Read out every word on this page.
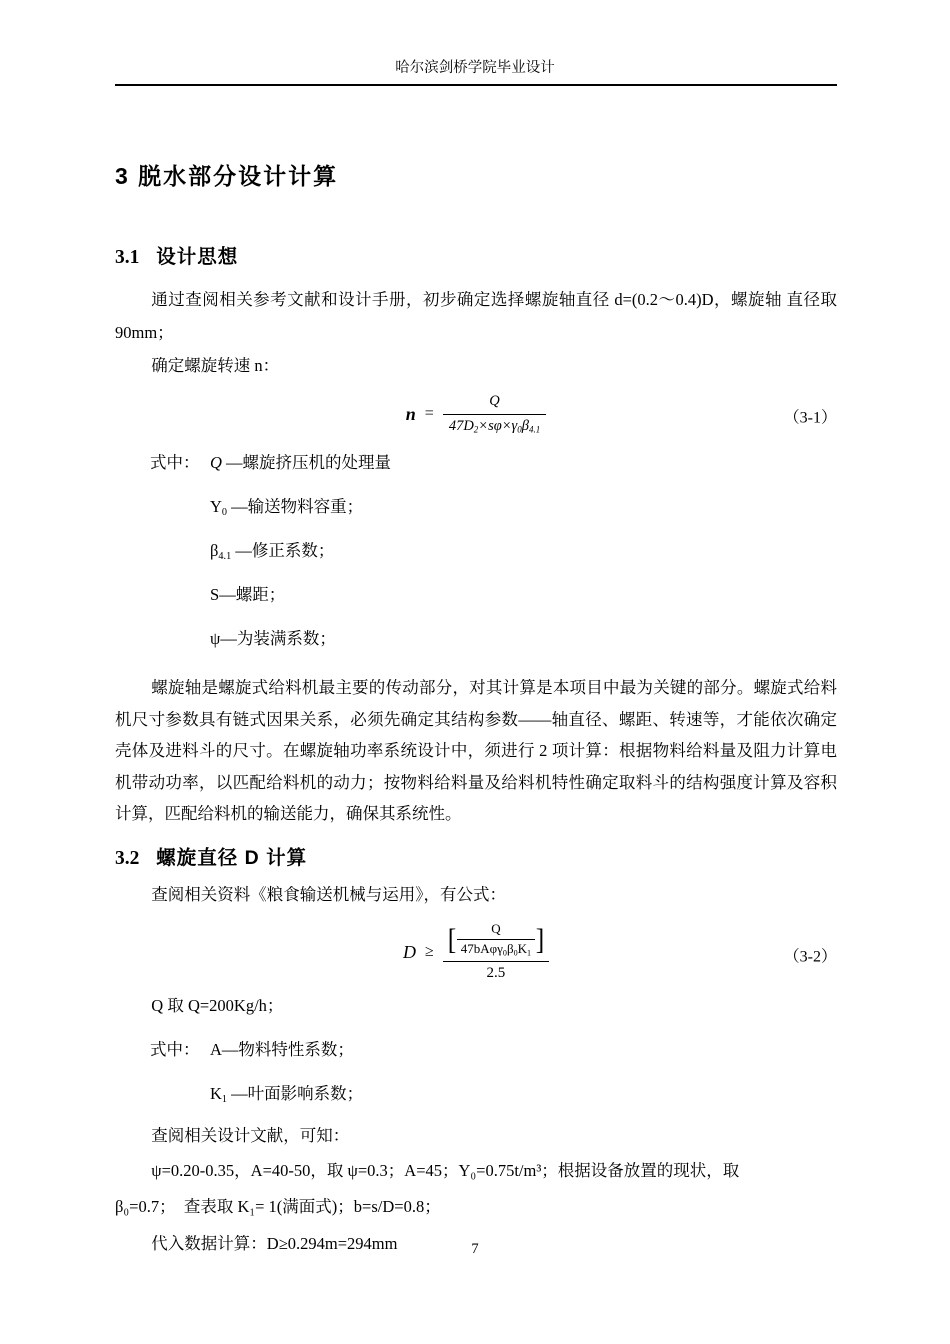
哈尔滨剑桥学院毕业设计
3 脱水部分设计计算
3.1 设计思想

通过查阅相关参考文献和设计手册，初步确定选择螺旋轴直径 d=(0.2～0.4)D，螺旋轴 直径取 90mm；

确定螺旋转速 n：

$n = \frac{Q}{47D_2\times s\varphi\times\gamma_0\beta_{4.1}}$	（3-1）
式中： Q —螺旋挤压机的处理量
$Y_0$ —输送物料容重；
$\beta_{4.1}$ —修正系数；
S—螺距；
ψ—为装满系数；

螺旋轴是螺旋式给料机最主要的传动部分，对其计算是本项目中最为关键的部分。螺旋式给料机尺寸参数具有链式因果关系，必须先确定其结构参数——轴直径、螺距、转速等，才能依次确定壳体及进料斗的尺寸。在螺旋轴功率系统设计中，须进行 2 项计算：根据物料给料量及阻力计算电机带动功率，以匹配给料机的动力；按物料给料量及给料机特性确定取料斗的结构强度计算及容积计算，匹配给料机的输送能力，确保其系统性。

3.2 螺旋直径 D 计算

查阅相关资料《粮食输送机械与运用》，有公式：

D ≥ [ $\frac{Q}{47bA\varphi\gamma_0\beta_0K_1}$ ]
2.5
（3-2）

Q 取 Q=200Kg/h；

式中： A—物料特性系数；
$K_1$ —叶面影响系数；

查阅相关设计文献，可知：

ψ=0.20-0.35，A=40-50，取 ψ=0.3；A=45；Y₀=0.75t/m³；根据设备放置的现状，取

β₀=0.7；　查表取 K₁= 1(满面式)；b=s/D=0.8；

代入数据计算：D≥0.294m=294mm	7
